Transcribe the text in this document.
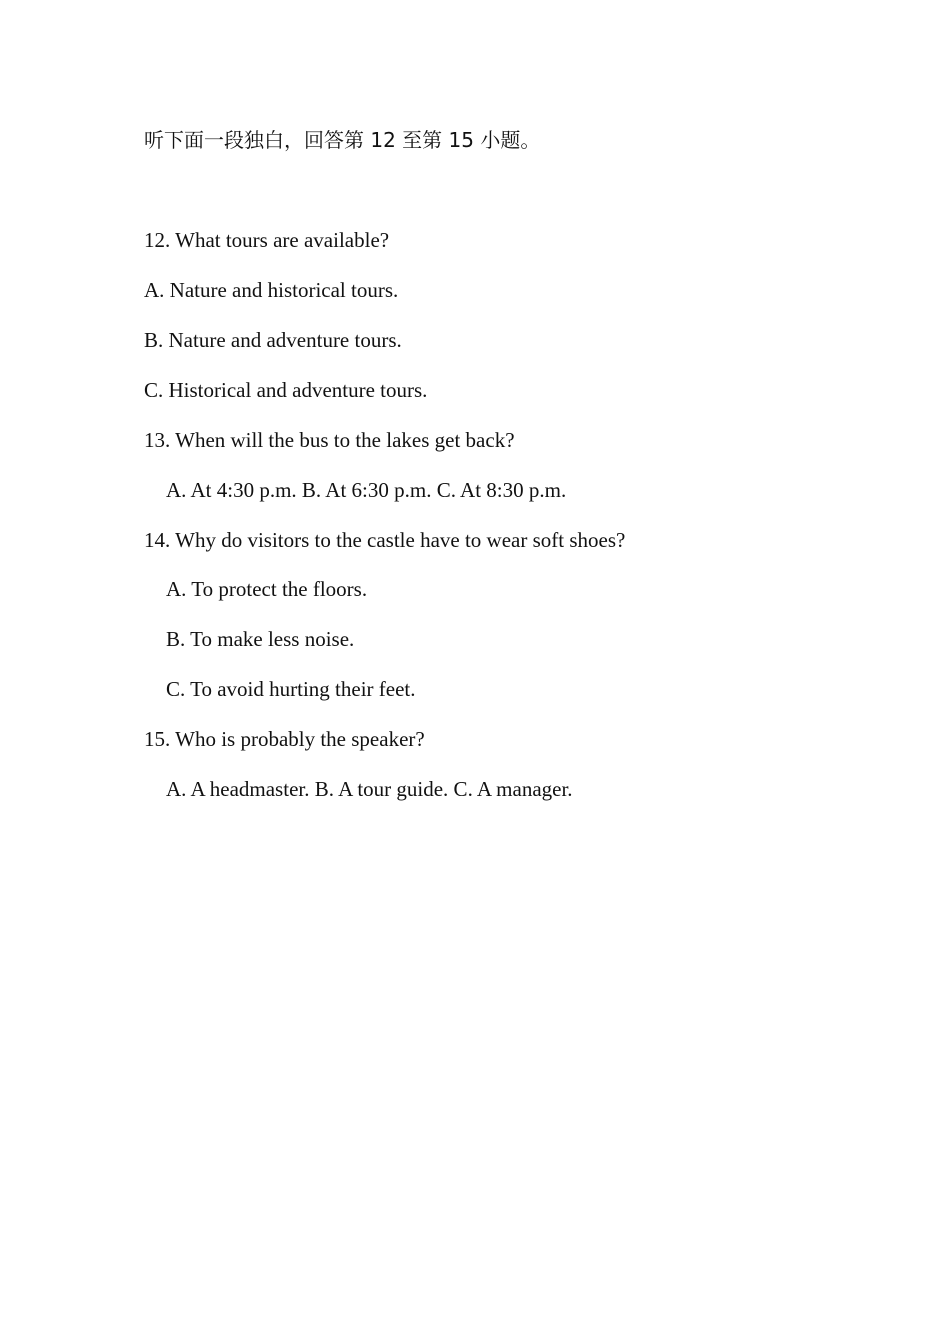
听下面一段独白，回答第 12 至第 15 小题。
12. What tours are available?
A. Nature and historical tours.
B. Nature and adventure tours.
C. Historical and adventure tours.
13. When will the bus to the lakes get back?
A. At 4:30 p.m. B. At 6:30 p.m. C. At 8:30 p.m.
14. Why do visitors to the castle have to wear soft shoes?
A. To protect the floors.
B. To make less noise.
C. To avoid hurting their feet.
15. Who is probably the speaker?
A. A headmaster. B. A tour guide. C. A manager.
